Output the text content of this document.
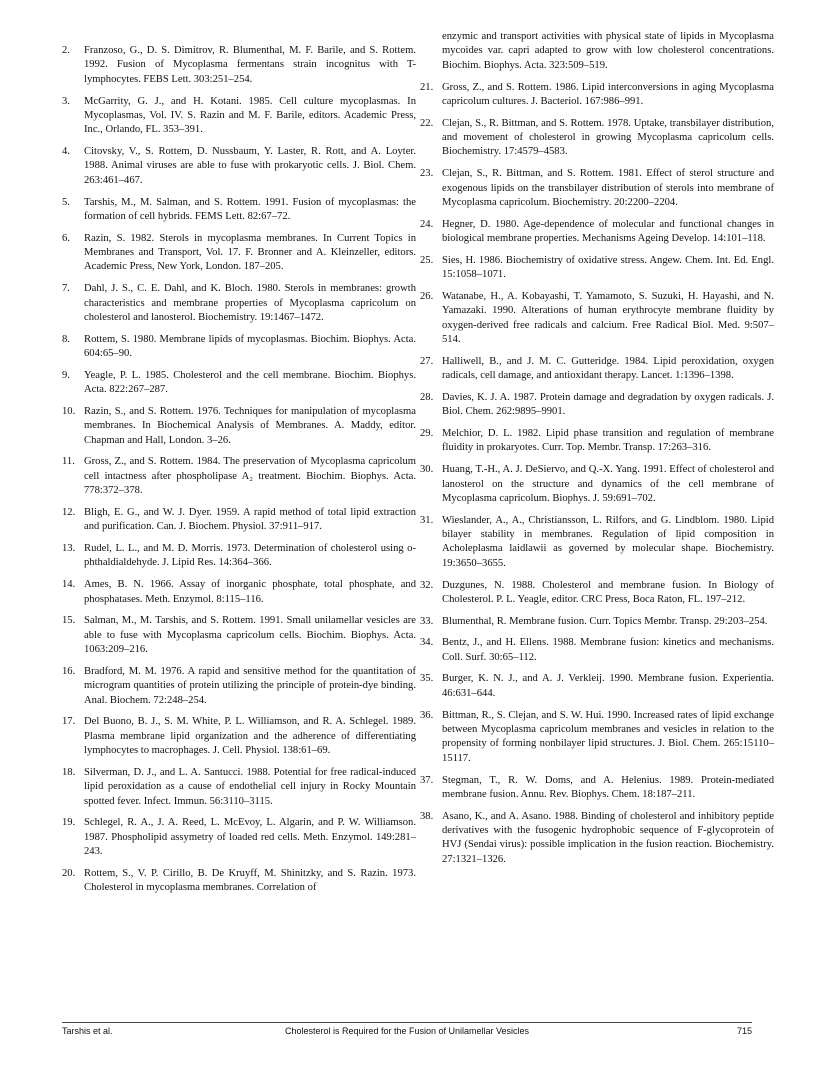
2. Franzoso, G., D. S. Dimitrov, R. Blumenthal, M. F. Barile, and S. Rottem. 1992. Fusion of Mycoplasma fermentans strain incognitus with T-lymphocytes. FEBS Lett. 303:251–254.

3. McGarrity, G. J., and H. Kotani. 1985. Cell culture mycoplasmas. In Mycoplasmas, Vol. IV. S. Razin and M. F. Barile, editors. Academic Press, Inc., Orlando, FL. 353–391.

4. Citovsky, V., S. Rottem, D. Nussbaum, Y. Laster, R. Rott, and A. Loyter. 1988. Animal viruses are able to fuse with prokaryotic cells. J. Biol. Chem. 263:461–467.

5. Tarshis, M., M. Salman, and S. Rottem. 1991. Fusion of mycoplasmas: the formation of cell hybrids. FEMS Lett. 82:67–72.

6. Razin, S. 1982. Sterols in mycoplasma membranes. In Current Topics in Membranes and Transport, Vol. 17. F. Bronner and A. Kleinzeller, editors. Academic Press, New York, London. 187–205.

7. Dahl, J. S., C. E. Dahl, and K. Bloch. 1980. Sterols in membranes: growth characteristics and membrane properties of Mycoplasma capricolum on cholesterol and lanosterol. Biochemistry. 19:1467–1472.

8. Rottem, S. 1980. Membrane lipids of mycoplasmas. Biochim. Biophys. Acta. 604:65–90.

9. Yeagle, P. L. 1985. Cholesterol and the cell membrane. Biochim. Biophys. Acta. 822:267–287.

10. Razin, S., and S. Rottem. 1976. Techniques for manipulation of mycoplasma membranes. In Biochemical Analysis of Membranes. A. Maddy, editor. Chapman and Hall, London. 3–26.

11. Gross, Z., and S. Rottem. 1984. The preservation of Mycoplasma capricolum cell intactness after phospholipase A₂ treatment. Biochim. Biophys. Acta. 778:372–378.

12. Bligh, E. G., and W. J. Dyer. 1959. A rapid method of total lipid extraction and purification. Can. J. Biochem. Physiol. 37:911–917.

13. Rudel, L. L., and M. D. Morris. 1973. Determination of cholesterol using o-phthaldialdehyde. J. Lipid Res. 14:364–366.

14. Ames, B. N. 1966. Assay of inorganic phosphate, total phosphate, and phosphatases. Meth. Enzymol. 8:115–116.

15. Salman, M., M. Tarshis, and S. Rottem. 1991. Small unilamellar vesicles are able to fuse with Mycoplasma capricolum cells. Biochim. Biophys. Acta. 1063:209–216.

16. Bradford, M. M. 1976. A rapid and sensitive method for the quantitation of microgram quantities of protein utilizing the principle of protein-dye binding. Anal. Biochem. 72:248–254.

17. Del Buono, B. J., S. M. White, P. L. Williamson, and R. A. Schlegel. 1989. Plasma membrane lipid organization and the adherence of differentiating lymphocytes to macrophages. J. Cell. Physiol. 138:61–69.

18. Silverman, D. J., and L. A. Santucci. 1988. Potential for free radical-induced lipid peroxidation as a cause of endothelial cell injury in Rocky Mountain spotted fever. Infect. Immun. 56:3110–3115.

19. Schlegel, R. A., J. A. Reed, L. McEvoy, L. Algarin, and P. W. Williamson. 1987. Phospholipid assymetry of loaded red cells. Meth. Enzymol. 149:281–243.

20. Rottem, S., V. P. Cirillo, B. De Kruyff, M. Shinitzky, and S. Razin. 1973. Cholesterol in mycoplasma membranes. Correlation of

enzymic and transport activities with physical state of lipids in Mycoplasma mycoides var. capri adapted to grow with low cholesterol concentrations. Biochim. Biophys. Acta. 323:509–519.

21. Gross, Z., and S. Rottem. 1986. Lipid interconversions in aging Mycoplasma capricolum cultures. J. Bacteriol. 167:986–991.

22. Clejan, S., R. Bittman, and S. Rottem. 1978. Uptake, transbilayer distribution, and movement of cholesterol in growing Mycoplasma capricolum cells. Biochemistry. 17:4579–4583.

23. Clejan, S., R. Bittman, and S. Rottem. 1981. Effect of sterol structure and exogenous lipids on the transbilayer distribution of sterols into membrane of Mycoplasma capricolum. Biochemistry. 20:2200–2204.

24. Hegner, D. 1980. Age-dependence of molecular and functional changes in biological membrane properties. Mechanisms Ageing Develop. 14:101–118.

25. Sies, H. 1986. Biochemistry of oxidative stress. Angew. Chem. Int. Ed. Engl. 15:1058–1071.

26. Watanabe, H., A. Kobayashi, T. Yamamoto, S. Suzuki, H. Hayashi, and N. Yamazaki. 1990. Alterations of human erythrocyte membrane fluidity by oxygen-derived free radicals and calcium. Free Radical Biol. Med. 9:507–514.

27. Halliwell, B., and J. M. C. Gutteridge. 1984. Lipid peroxidation, oxygen radicals, cell damage, and antioxidant therapy. Lancet. 1:1396–1398.

28. Davies, K. J. A. 1987. Protein damage and degradation by oxygen radicals. J. Biol. Chem. 262:9895–9901.

29. Melchior, D. L. 1982. Lipid phase transition and regulation of membrane fluidity in prokaryotes. Curr. Top. Membr. Transp. 17:263–316.

30. Huang, T.-H., A. J. DeSiervo, and Q.-X. Yang. 1991. Effect of cholesterol and lanosterol on the structure and dynamics of the cell membrane of Mycoplasma capricolum. Biophys. J. 59:691–702.

31. Wieslander, A., A., Christiansson, L. Rilfors, and G. Lindblom. 1980. Lipid bilayer stability in membranes. Regulation of lipid composition in Acholeplasma laidlawii as governed by molecular shape. Biochemistry. 19:3650–3655.

32. Duzgunes, N. 1988. Cholesterol and membrane fusion. In Biology of Cholesterol. P. L. Yeagle, editor. CRC Press, Boca Raton, FL. 197–212.

33. Blumenthal, R. Membrane fusion. Curr. Topics Membr. Transp. 29:203–254.

34. Bentz, J., and H. Ellens. 1988. Membrane fusion: kinetics and mechanisms. Coll. Surf. 30:65–112.

35. Burger, K. N. J., and A. J. Verkleij. 1990. Membrane fusion. Experientia. 46:631–644.

36. Bittman, R., S. Clejan, and S. W. Hui. 1990. Increased rates of lipid exchange between Mycoplasma capricolum membranes and vesicles in relation to the propensity of forming nonbilayer lipid structures. J. Biol. Chem. 265:15110–15117.

37. Stegman, T., R. W. Doms, and A. Helenius. 1989. Protein-mediated membrane fusion. Annu. Rev. Biophys. Chem. 18:187–211.

38. Asano, K., and A. Asano. 1988. Binding of cholesterol and inhibitory peptide derivatives with the fusogenic hydrophobic sequence of F-glycoprotein of HVJ (Sendai virus): possible implication in the fusion reaction. Biochemistry. 27:1321–1326.

Tarshis et al.	Cholesterol is Required for the Fusion of Unilamellar Vesicles	715
